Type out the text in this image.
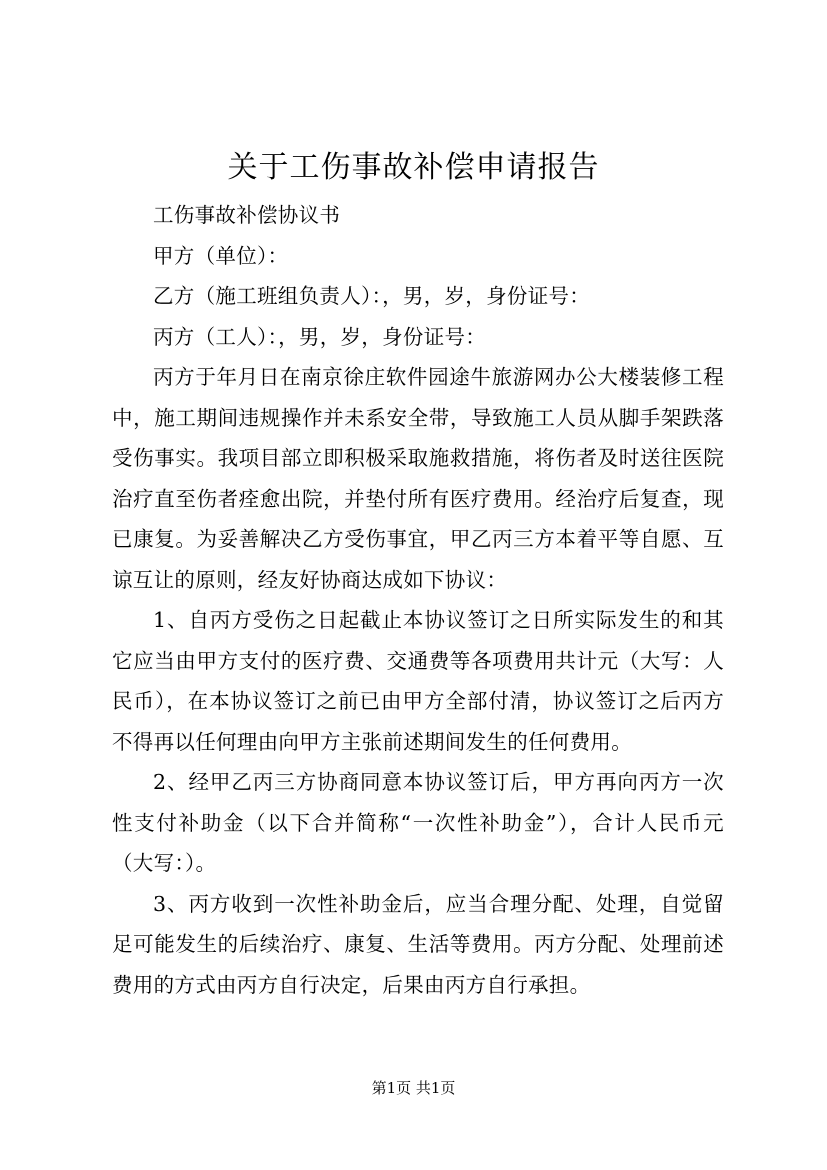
关于工伤事故补偿申请报告

工伤事故补偿协议书

甲方（单位）：

乙方（施工班组负责人）：，男，岁，身份证号：

丙方（工人）：，男，岁，身份证号：

丙方于年月日在南京徐庄软件园途牛旅游网办公大楼装修工程中，施工期间违规操作并未系安全带，导致施工人员从脚手架跌落受伤事实。我项目部立即积极采取施救措施，将伤者及时送往医院治疗直至伤者痊愈出院，并垫付所有医疗费用。经治疗后复查，现已康复。为妥善解决乙方受伤事宜，甲乙丙三方本着平等自愿、互谅互让的原则，经友好协商达成如下协议：

1、自丙方受伤之日起截止本协议签订之日所实际发生的和其它应当由甲方支付的医疗费、交通费等各项费用共计元（大写：人民币），在本协议签订之前已由甲方全部付清，协议签订之后丙方不得再以任何理由向甲方主张前述期间发生的任何费用。

2、经甲乙丙三方协商同意本协议签订后，甲方再向丙方一次性支付补助金（以下合并简称“一次性补助金”），合计人民币元（大写：）。

3、丙方收到一次性补助金后，应当合理分配、处理，自觉留足可能发生的后续治疗、康复、生活等费用。丙方分配、处理前述费用的方式由丙方自行决定，后果由丙方自行承担。

第1页 共1页
